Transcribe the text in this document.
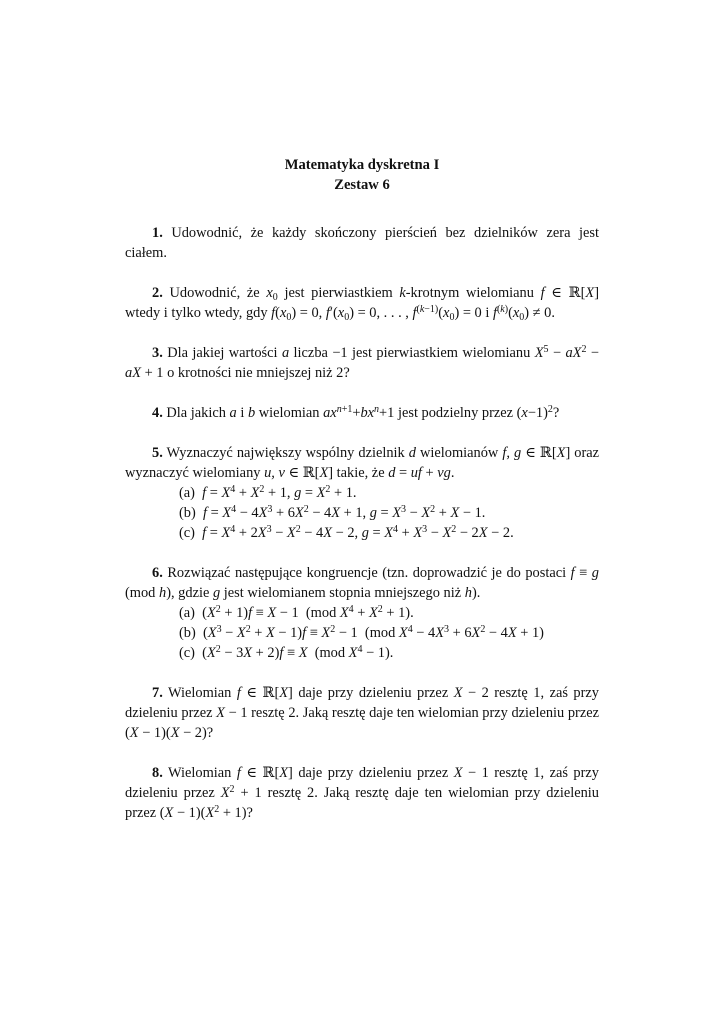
Matematyka dyskretna I
Zestaw 6

1. Udowodnić, że każdy skończony pierścień bez dzielników zera jest ciałem.

2. Udowodnić, że $x_0$ jest pierwiastkiem k-krotnym wielomianu f ∈ ℝ[X] wtedy i tylko wtedy, gdy $f(x_0) = 0$, $f'(x_0) = 0$, . . . , $f^{(k-1)}(x_0) = 0$ i $f^{(k)}(x_0) \ne 0$.

3. Dla jakiej wartości a liczba −1 jest pierwiastkiem wielomianu $X^5 - aX^2$ − aX + 1 o krotności nie mniejszej niż 2?

4. Dla jakich a i b wielomian $ax^{n+1}+bx^n+1$ jest podzielny przez $(x-1)^2$?

5. Wyznaczyć największy wspólny dzielnik d wielomianów f, g ∈ ℝ[X] oraz wyznaczyć wielomiany u, v ∈ ℝ[X] takie, że d = uf + vg.

(a)  $f = X^4 + X^2 + 1$, $g = X^2 + 1$.

(b)  $f = X^4 - 4X^3 + 6X^2 - 4X + 1$, $g = X^3 - X^2 + X - 1$.

(c)  $f = X^4 + 2X^3 - X^2 - 4X - 2$, $g = X^4 + X^3 - X^2 - 2X - 2$.

6. Rozwiązać następujące kongruencje (tzn. doprowadzić je do postaci f ≡ g (mod h), gdzie g jest wielomianem stopnia mniejszego niż h).

(a)  $(X^2 + 1)f \equiv X - 1$  (mod $X^4 + X^2 + 1$).

(b)  $(X^3 - X^2 + X - 1)f \equiv X^2 - 1$  (mod $X^4 - 4X^3 + 6X^2 - 4X + 1$)

(c)  $(X^2 - 3X + 2)f \equiv X$  (mod $X^4 - 1$).

7. Wielomian f ∈ ℝ[X] daje przy dzieleniu przez X − 2 resztę 1, zaś przy dzieleniu przez X − 1 resztę 2. Jaką resztę daje ten wielomian przy dzieleniu przez (X − 1)(X − 2)?

8. Wielomian f ∈ ℝ[X] daje przy dzieleniu przez X − 1 resztę 1, zaś przy dzieleniu przez $X^2 + 1$ resztę 2. Jaką resztę daje ten wielomian przy dzieleniu przez $(X - 1)(X^2 + 1)$?
